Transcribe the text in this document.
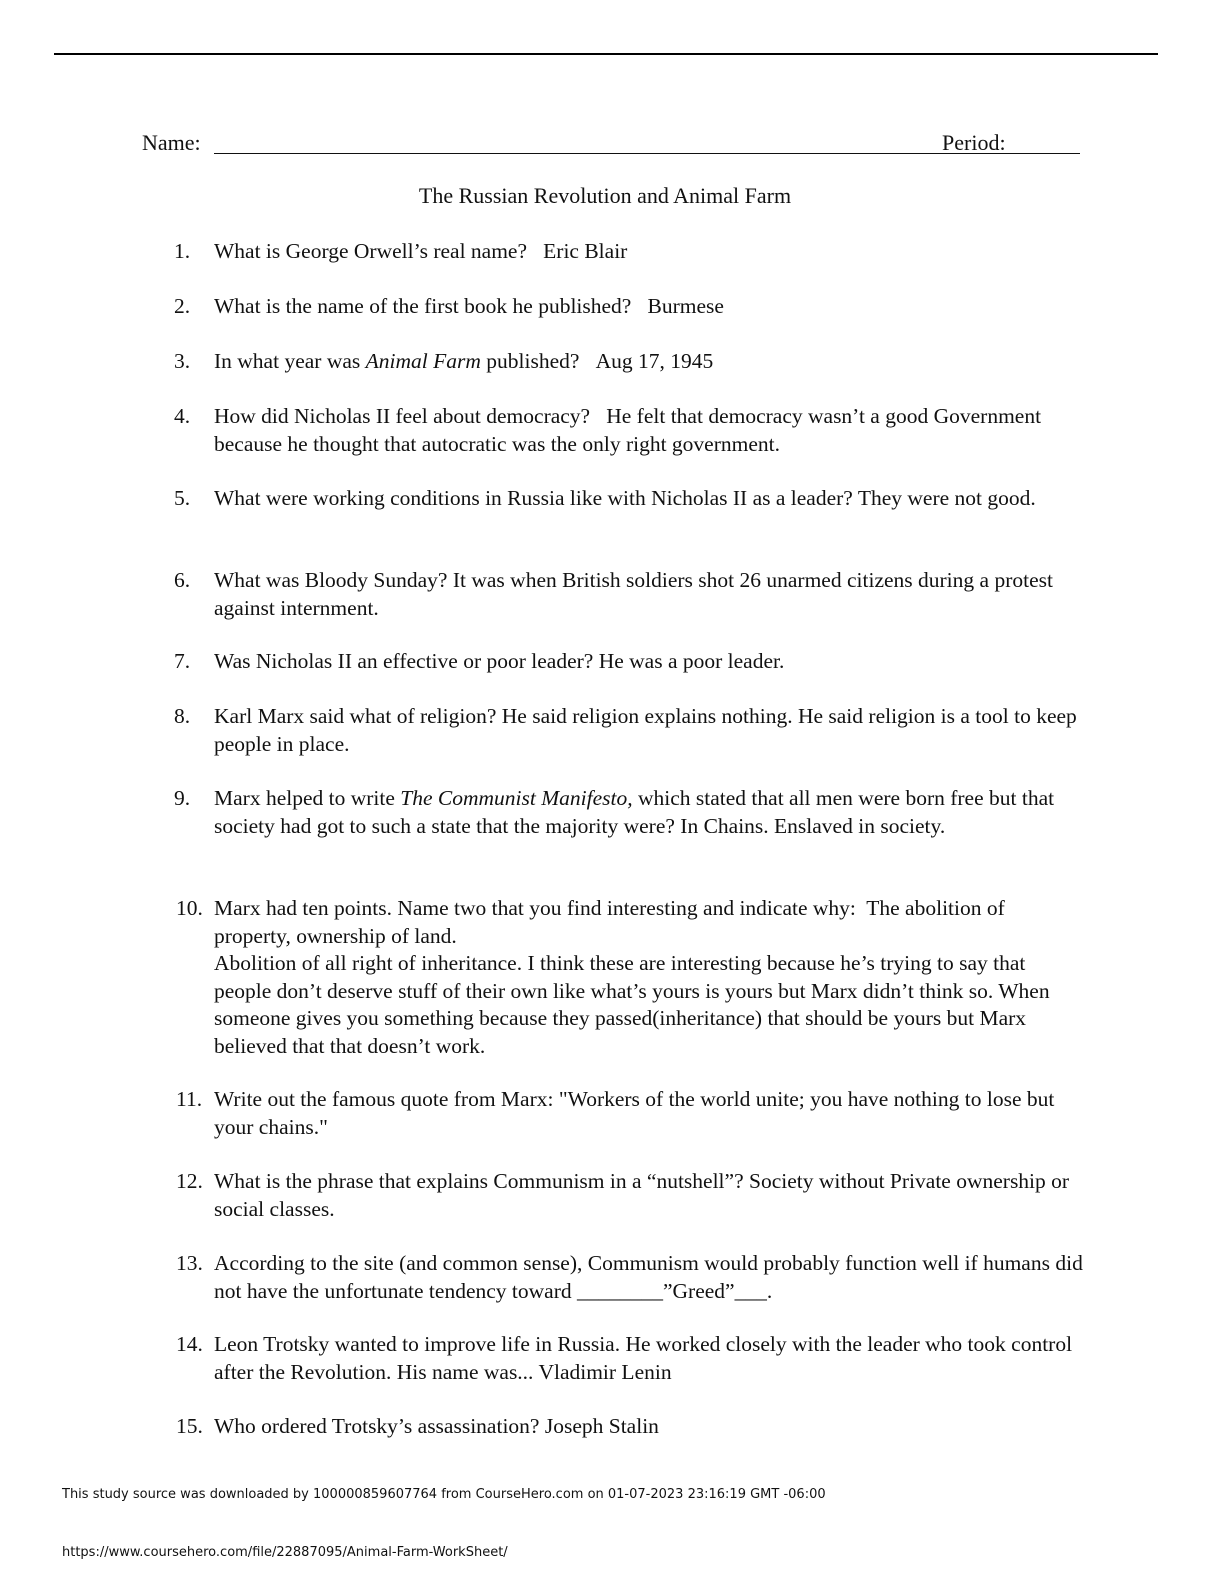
Name:	Period:
The Russian Revolution and Animal Farm
1.	What is George Orwell’s real name? Eric Blair
2.	What is the name of the first book he published? Burmese
3.	In what year was Animal Farm published? Aug 17, 1945
4.	How did Nicholas II feel about democracy? He felt that democracy wasn’t a good Government because he thought that autocratic was the only right government.
5.	What were working conditions in Russia like with Nicholas II as a leader? They were not good.
6.	What was Bloody Sunday? It was when British soldiers shot 26 unarmed citizens during a protest against internment.
7.	Was Nicholas II an effective or poor leader? He was a poor leader.
8.	Karl Marx said what of religion? He said religion explains nothing. He said religion is a tool to keep people in place.
9.	Marx helped to write The Communist Manifesto, which stated that all men were born free but that society had got to such a state that the majority were? In Chains. Enslaved in society.
10. Marx had ten points. Name two that you find interesting and indicate why: The abolition of property, ownership of land.
Abolition of all right of inheritance. I think these are interesting because he’s trying to say that people don’t deserve stuff of their own like what’s yours is yours but Marx didn’t think so. When someone gives you something because they passed(inheritance) that should be yours but Marx believed that that doesn’t work.
11. Write out the famous quote from Marx: "Workers of the world unite; you have nothing to lose but your chains."
12. What is the phrase that explains Communism in a “nutshell”? Society without Private ownership or social classes.
13. According to the site (and common sense), Communism would probably function well if humans did not have the unfortunate tendency toward ________”Greed”___.
14. Leon Trotsky wanted to improve life in Russia. He worked closely with the leader who took control after the Revolution. His name was... Vladimir Lenin
15. Who ordered Trotsky’s assassination? Joseph Stalin
This study source was downloaded by 100000859607764 from CourseHero.com on 01-07-2023 23:16:19 GMT -06:00
https://www.coursehero.com/file/22887095/Animal-Farm-WorkSheet/
